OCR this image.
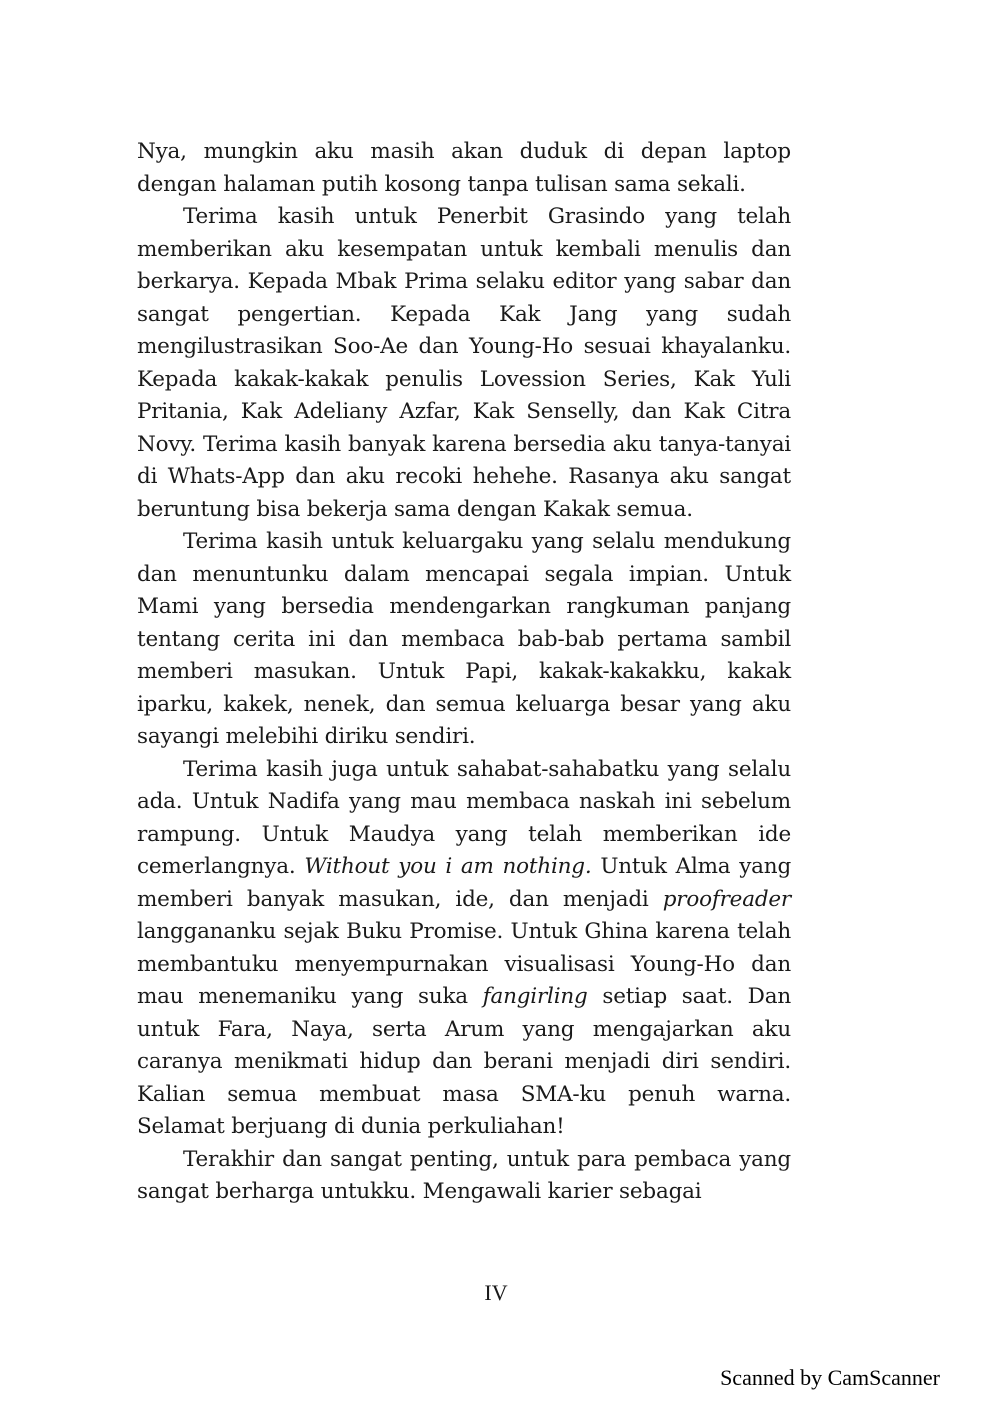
Nya, mungkin aku masih akan duduk di depan laptop dengan halaman putih kosong tanpa tulisan sama sekali.

Terima kasih untuk Penerbit Grasindo yang telah memberikan aku kesempatan untuk kembali menulis dan berkarya. Kepada Mbak Prima selaku editor yang sabar dan sangat pengertian. Kepada Kak Jang yang sudah mengilustrasikan Soo-Ae dan Young-Ho sesuai khayalanku. Kepada kakak-kakak penulis Lovession Series, Kak Yuli Pritania, Kak Adeliany Azfar, Kak Senselly, dan Kak Citra Novy. Terima kasih banyak karena bersedia aku tanya-tanyai di Whats-App dan aku recoki hehehe. Rasanya aku sangat beruntung bisa bekerja sama dengan Kakak semua.

Terima kasih untuk keluargaku yang selalu mendukung dan menuntunku dalam mencapai segala impian. Untuk Mami yang bersedia mendengarkan rangkuman panjang tentang cerita ini dan membaca bab-bab pertama sambil memberi masukan. Untuk Papi, kakak-kakakku, kakak iparku, kakek, nenek, dan semua keluarga besar yang aku sayangi melebihi diriku sendiri.

Terima kasih juga untuk sahabat-sahabatku yang selalu ada. Untuk Nadifa yang mau membaca naskah ini sebelum rampung. Untuk Maudya yang telah memberikan ide cemerlangnya. Without you i am nothing. Untuk Alma yang memberi banyak masukan, ide, dan menjadi proofreader langgananku sejak Buku Promise. Untuk Ghina karena telah membantuku menyempurnakan visualisasi Young-Ho dan mau menemaniku yang suka fangirling setiap saat. Dan untuk Fara, Naya, serta Arum yang mengajarkan aku caranya menikmati hidup dan berani menjadi diri sendiri. Kalian semua membuat masa SMA-ku penuh warna. Selamat berjuang di dunia perkuliahan!

Terakhir dan sangat penting, untuk para pembaca yang sangat berharga untukku. Mengawali karier sebagai

IV
Scanned by CamScanner
